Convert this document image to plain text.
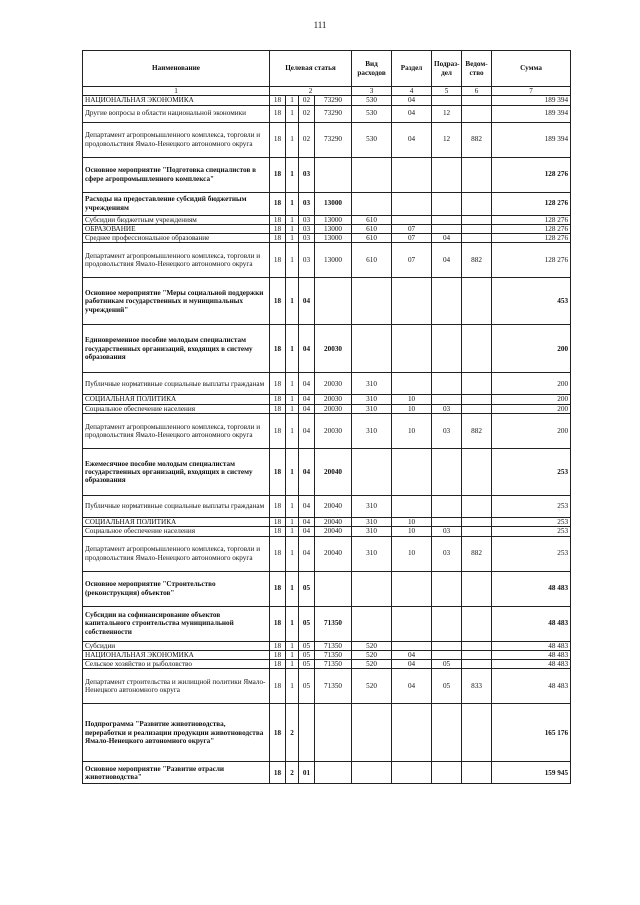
111
Наименование	Целевая статья				Вид расходов	Раздел	Подраз-дел	Ведом-ство	Сумма
1	2				3	4	5	6	7
НАЦИОНАЛЬНАЯ ЭКОНОМИКА	18	1	02	73290	530	04			189 394
Другие вопросы в области национальной экономики	18	1	02	73290	530	04	12		189 394
Департамент агропромышленного комплекса, торговли и продовольствия Ямало-Ненецкого автономного округа	18	1	02	73290	530	04	12	882	189 394
Основное мероприятие "Подготовка специалистов в сфере агропромышленного комплекса"	18	1	03						128 276
Расходы на предоставление субсидий бюджетным учреждениям	18	1	03	13000					128 276
Субсидии бюджетным учреждениям	18	1	03	13000	610				128 276
ОБРАЗОВАНИЕ	18	1	03	13000	610	07			128 276
Среднее профессиональное образование	18	1	03	13000	610	07	04		128 276
Департамент агропромышленного комплекса, торговли и продовольствия Ямало-Ненецкого автономного округа	18	1	03	13000	610	07	04	882	128 276
Основное мероприятие "Меры социальной поддержки работникам государственных и муниципальных учреждений"	18	1	04						453
Единовременное пособие молодым специалистам государственных организаций, входящих в систему образования	18	1	04	20030					200
Публичные нормативные социальные выплаты гражданам	18	1	04	20030	310				200
СОЦИАЛЬНАЯ ПОЛИТИКА	18	1	04	20030	310	10			200
Социальное обеспечение населения	18	1	04	20030	310	10	03		200
Департамент агропромышленного комплекса, торговли и продовольствия Ямало-Ненецкого автономного округа	18	1	04	20030	310	10	03	882	200
Ежемесячное пособие молодым специалистам государственных организаций, входящих в систему образования	18	1	04	20040					253
Публичные нормативные социальные выплаты гражданам	18	1	04	20040	310				253
СОЦИАЛЬНАЯ ПОЛИТИКА	18	1	04	20040	310	10			253
Социальное обеспечение населения	18	1	04	20040	310	10	03		253
Департамент агропромышленного комплекса, торговли и продовольствия Ямало-Ненецкого автономного округа	18	1	04	20040	310	10	03	882	253
Основное мероприятие "Строительство (реконструкция) объектов"	18	1	05						48 483
Субсидии на софинансирование объектов капитального строительства муниципальной собственности	18	1	05	71350					48 483
Субсидии	18	1	05	71350	520				48 483
НАЦИОНАЛЬНАЯ ЭКОНОМИКА	18	1	05	71350	520	04			48 483
Сельское хозяйство и рыболовство	18	1	05	71350	520	04	05		48 483
Департамент строительства и жилищной политики Ямало-Ненецкого автономного округа	18	1	05	71350	520	04	05	833	48 483
Подпрограмма "Развитие животноводства, переработки и реализации продукции животноводства Ямало-Ненецкого автономного округа"	18	2							165 176
Основное мероприятие "Развитие отрасли животноводства"	18	2	01						159 945
